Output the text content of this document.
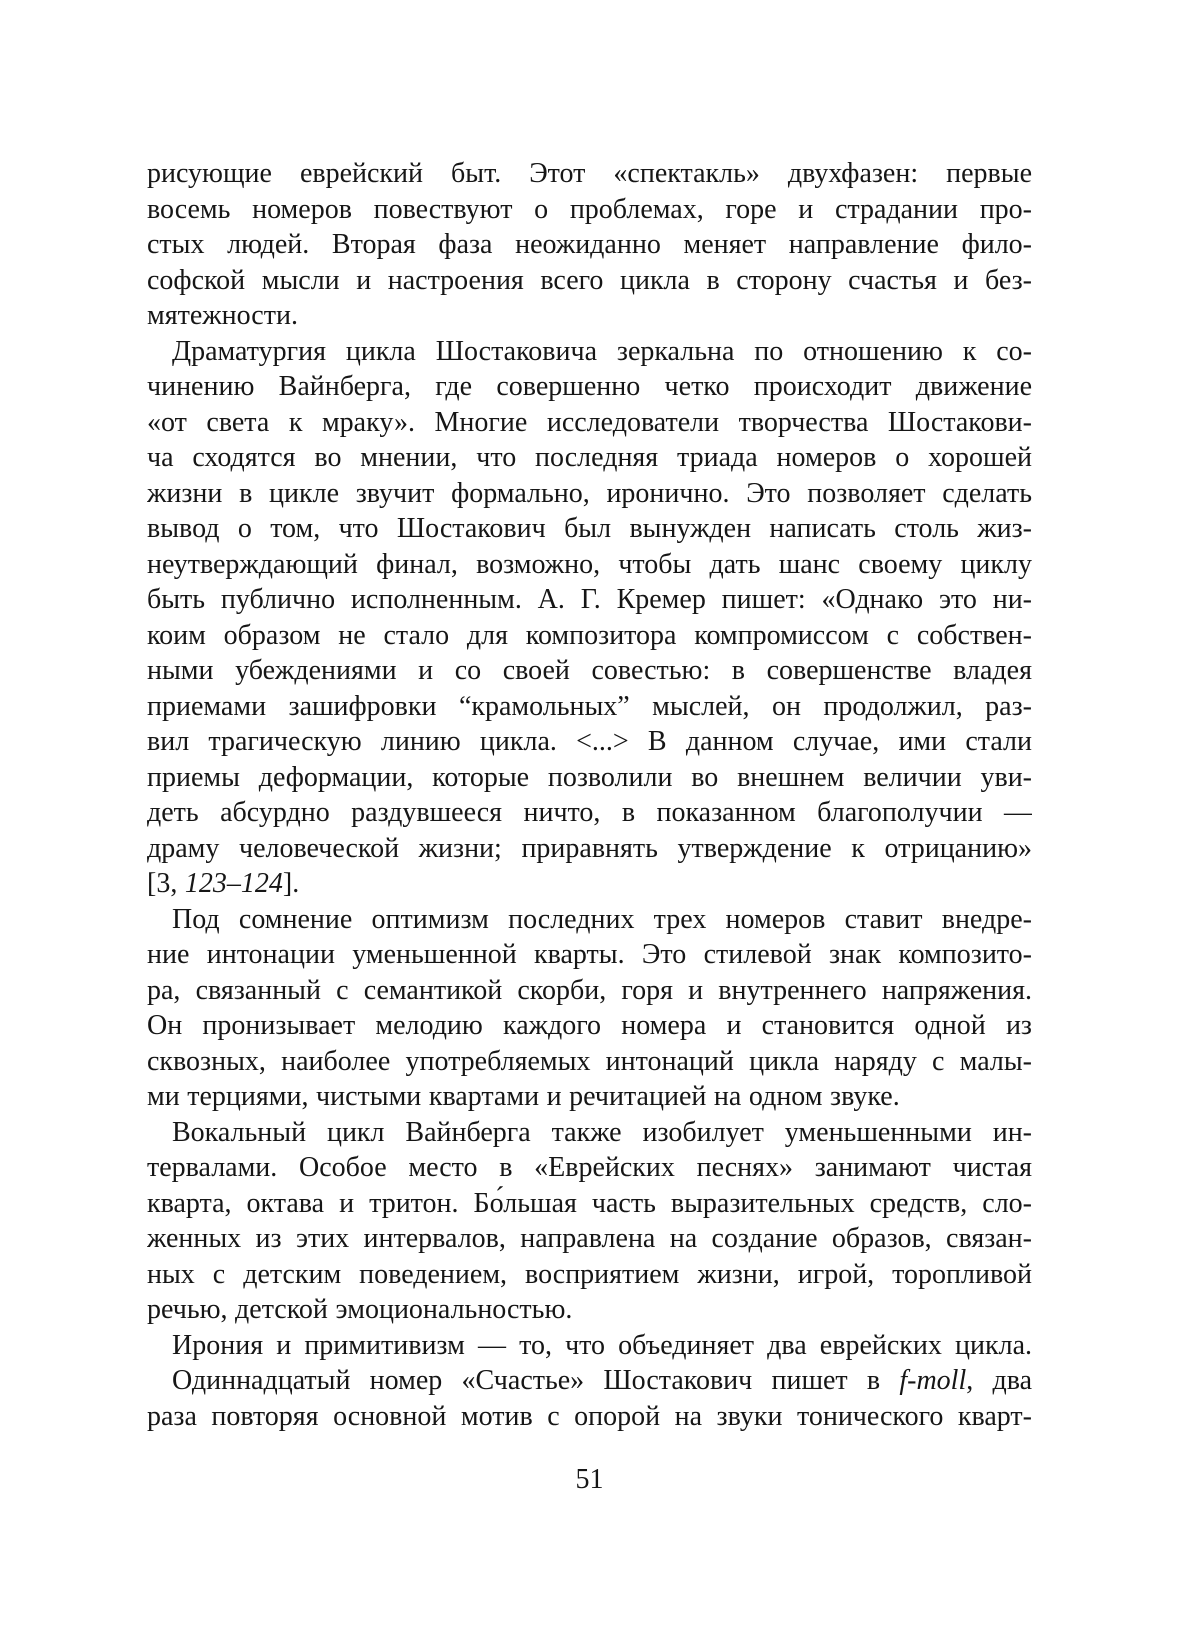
рисующие еврейский быт. Этот «спектакль» двухфазен: первые
восемь номеров повествуют о проблемах, горе и страдании про-
стых людей. Вторая фаза неожиданно меняет направление фило-
софской мысли и настроения всего цикла в сторону счастья и без-
мятежности.
Драматургия цикла Шостаковича зеркальна по отношению к со-
чинению Вайнберга, где совершенно четко происходит движение
«от света к мраку». Многие исследователи творчества Шостакови-
ча сходятся во мнении, что последняя триада номеров о хорошей
жизни в цикле звучит формально, иронично. Это позволяет сделать
вывод о том, что Шостакович был вынужден написать столь жиз-
неутверждающий финал, возможно, чтобы дать шанс своему циклу
быть публично исполненным. А. Г. Кремер пишет: «Однако это ни-
коим образом не стало для композитора компромиссом с собствен-
ными убеждениями и со своей совестью: в совершенстве владея
приемами зашифровки “крамольных” мыслей, он продолжил, раз-
вил трагическую линию цикла. <...> В данном случае, ими стали
приемы деформации, которые позволили во внешнем величии уви-
деть абсурдно раздувшееся ничто, в показанном благополучии —
драму человеческой жизни; приравнять утверждение к отрицанию»
[3, 123–124].
Под сомнение оптимизм последних трех номеров ставит внедре-
ние интонации уменьшенной кварты. Это стилевой знак композито-
ра, связанный с семантикой скорби, горя и внутреннего напряжения.
Он пронизывает мелодию каждого номера и становится одной из
сквозных, наиболее употребляемых интонаций цикла наряду с малы-
ми терциями, чистыми квартами и речитацией на одном звуке.
Вокальный цикл Вайнберга также изобилует уменьшенными ин-
тервалами. Особое место в «Еврейских песнях» занимают чистая
кварта, октава и тритон. Бо́льшая часть выразительных средств, сло-
женных из этих интервалов, направлена на создание образов, связан-
ных с детским поведением, восприятием жизни, игрой, торопливой
речью, детской эмоциональностью.
Ирония и примитивизм — то, что объединяет два еврейских цикла.
Одиннадцатый номер «Счастье» Шостакович пишет в f-moll, два
раза повторяя основной мотив с опорой на звуки тонического кварт-
51
